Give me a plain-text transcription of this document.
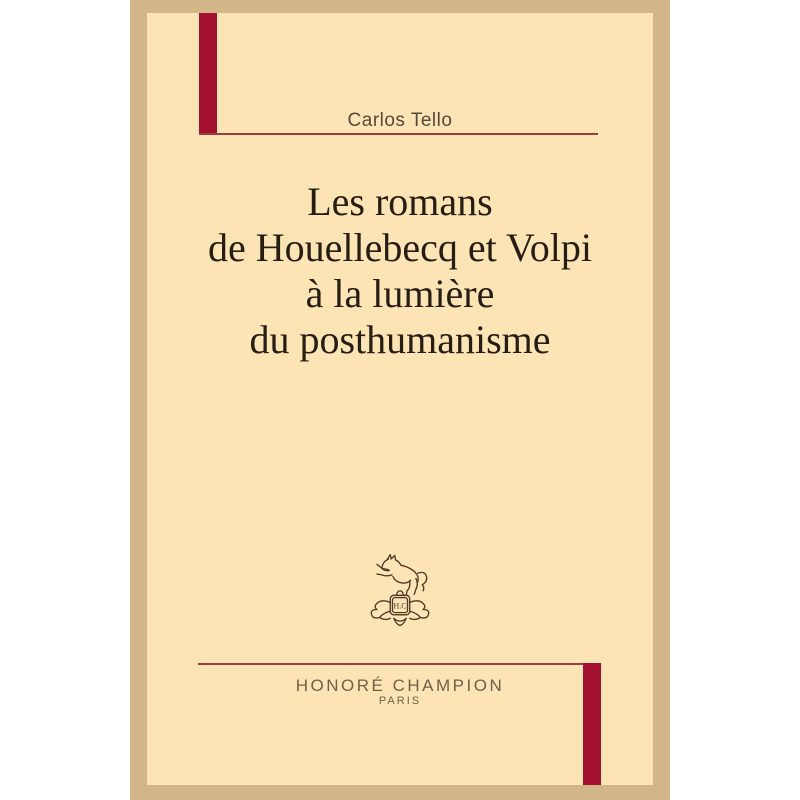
Carlos Tello
Les romans
de Houellebecq et Volpi
à la lumière
du posthumanisme
H.C
HONORÉ CHAMPION
PARIS
